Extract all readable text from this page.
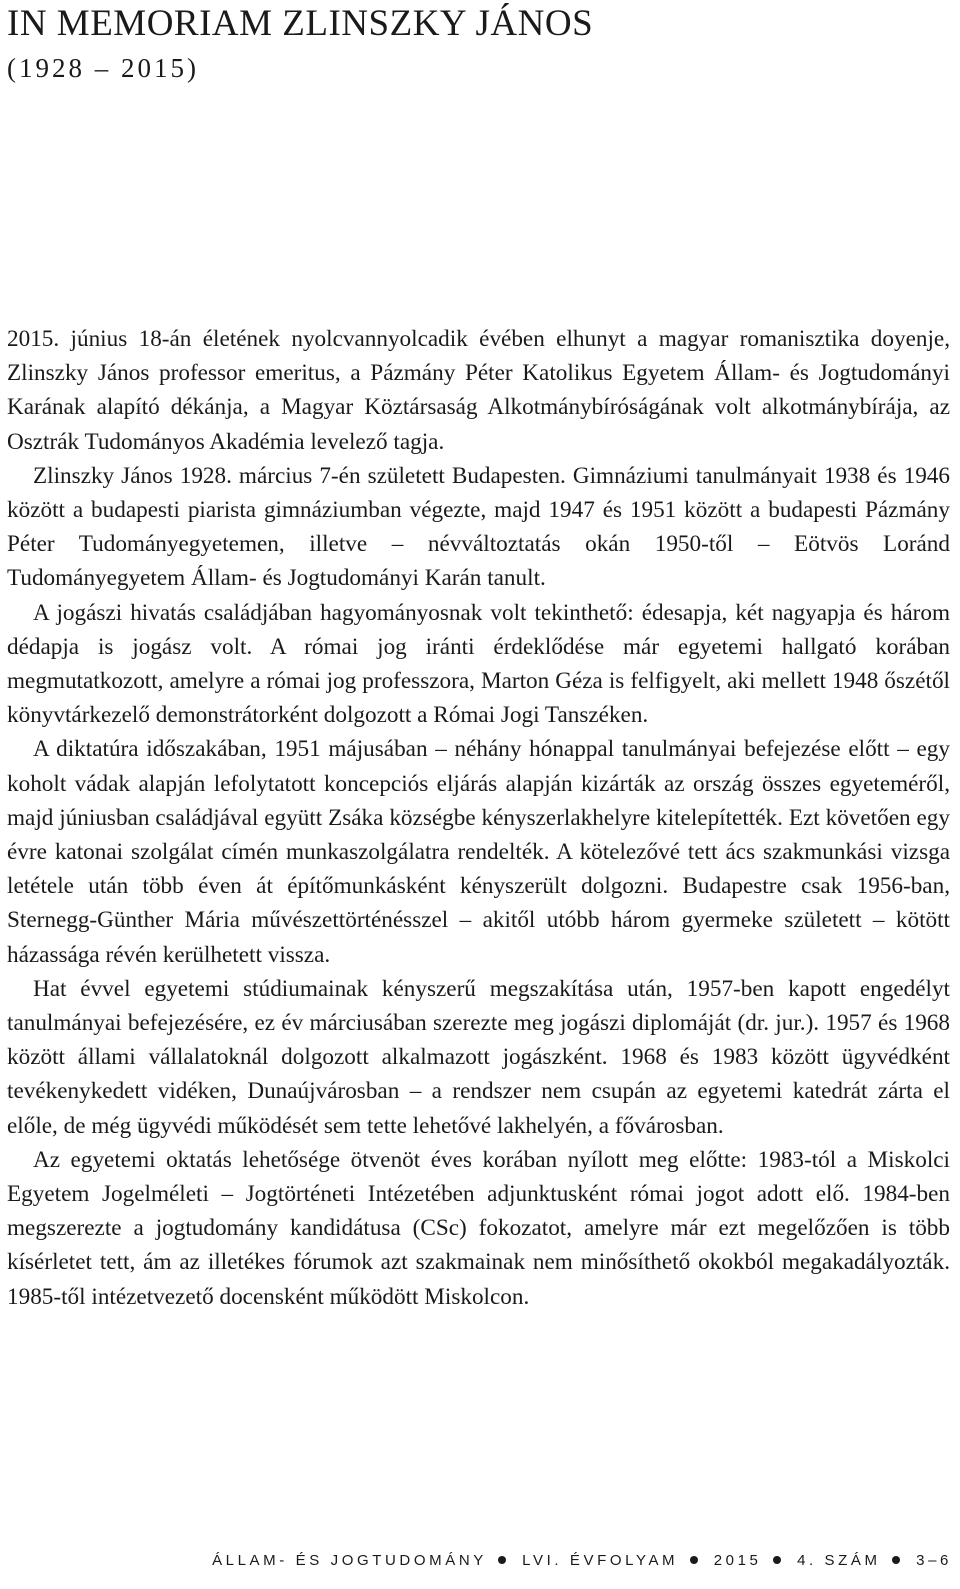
IN MEMORIAM ZLINSZKY JÁNOS
(1928 – 2015)

2015. június 18-án életének nyolcvannyolcadik évében elhunyt a magyar romanisztika doyenje, Zlinszky János professor emeritus, a Pázmány Péter Katolikus Egyetem Állam- és Jogtudományi Karának alapító dékánja, a Magyar Köztársaság Alkotmánybíróságának volt alkotmánybírája, az Osztrák Tudományos Akadémia levelező tagja.

Zlinszky János 1928. március 7-én született Budapesten. Gimnáziumi tanulmányait 1938 és 1946 között a budapesti piarista gimnáziumban végezte, majd 1947 és 1951 között a budapesti Pázmány Péter Tudományegyetemen, illetve – névváltoztatás okán 1950-től – Eötvös Loránd Tudományegyetem Állam- és Jogtudományi Karán tanult.

A jogászi hivatás családjában hagyományosnak volt tekinthető: édesapja, két nagyapja és három dédapja is jogász volt. A római jog iránti érdeklődése már egyetemi hallgató korában megmutatkozott, amelyre a római jog professzora, Marton Géza is felfigyelt, aki mellett 1948 őszétől könyvtárkezelő demonstrátorként dolgozott a Római Jogi Tanszéken.

A diktatúra időszakában, 1951 májusában – néhány hónappal tanulmányai befejezése előtt – egy koholt vádak alapján lefolytatott koncepciós eljárás alapján kizárták az ország összes egyeteméről, majd júniusban családjával együtt Zsáka községbe kényszerlakhelyre kitelepítették. Ezt követően egy évre katonai szolgálat címén munkaszolgálatra rendelték. A kötelezővé tett ács szakmunkási vizsga letétele után több éven át építőmunkásként kényszerült dolgozni. Budapestre csak 1956-ban, Sternegg-Günther Mária művészettörténésszel – akitől utóbb három gyermeke született – kötött házassága révén kerülhetett vissza.

Hat évvel egyetemi stúdiumainak kényszerű megszakítása után, 1957-ben kapott engedélyt tanulmányai befejezésére, ez év márciusában szerezte meg jogászi diplomáját (dr. jur.). 1957 és 1968 között állami vállalatoknál dolgozott alkalmazott jogászként. 1968 és 1983 között ügyvédként tevékenykedett vidéken, Dunaújvárosban – a rendszer nem csupán az egyetemi katedrát zárta el előle, de még ügyvédi működését sem tette lehetővé lakhelyén, a fővárosban.

Az egyetemi oktatás lehetősége ötvenöt éves korában nyílott meg előtte: 1983-tól a Miskolci Egyetem Jogelméleti – Jogtörténeti Intézetében adjunktusként római jogot adott elő. 1984-ben megszerezte a jogtudomány kandidátusa (CSc) fokozatot, amelyre már ezt megelőzően is több kísérletet tett, ám az illetékes fórumok azt szakmainak nem minősíthető okokból megakadályozták. 1985-től intézetvezető docensként működött Miskolcon.

ÁLLAM- ÉS JOGTUDOMÁNY LVI. ÉVFOLYAM 2015 4. SZÁM 3–6
